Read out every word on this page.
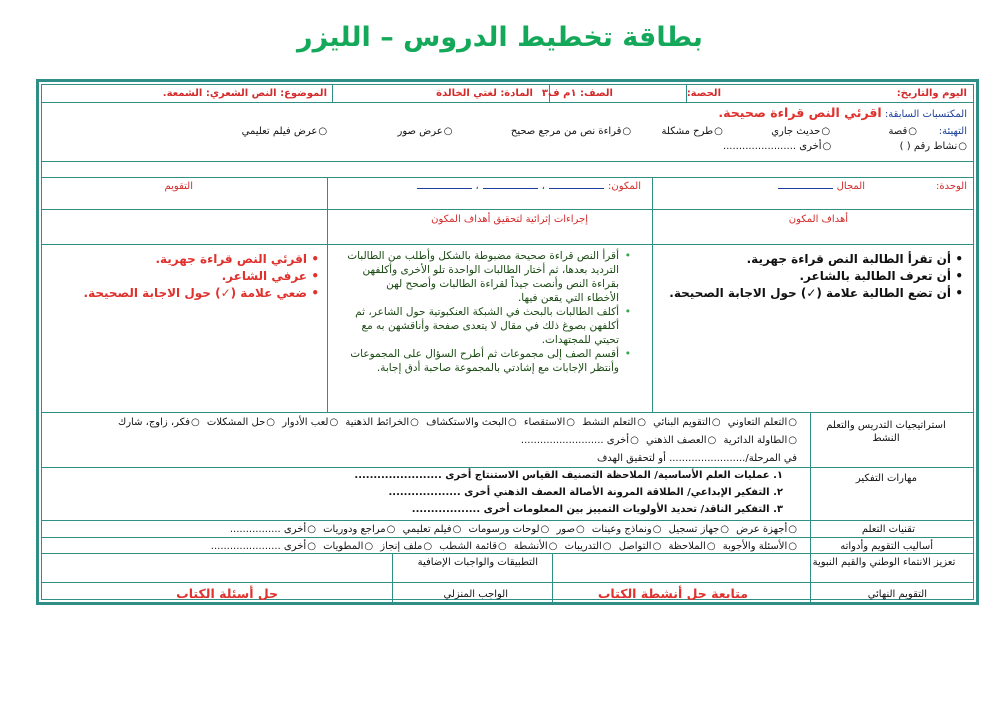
بطاقة تخطيط الدروس – الليزر
اليوم والتاريخ:
الحصة:
الصف: ١م ف٣
المادة: لغتي الخالدة
الموضوع: النص الشعري: الشمعة.
المكتسبات السابقة: اقرئي النص قراءة صحيحة.
التهيئة:
○قصة  ○حديث جاري  ○طرح مشكلة  ○قراءة نص من مرجع صحيح  ○عرض صور  ○عرض فيلم تعليمي
○نشاط رقم ( )  ○أخرى .......................
الوحدة:
المجال
المكون:،،
التقويم
أهداف المكون
إجراءات إثرائية لتحقيق أهداف المكون
• أن تقرأ الطالبة النص قراءة جهرية.
• أن تعرف الطالبة بالشاعر.
• أن تضع الطالبة علامة (✓) حول الاجابة الصحيحة.
• أقرأ النص قراءة صحيحة مضبوطة بالشكل وأطلب من الطالبات
الترديد بعدها، ثم أختار الطالبات الواحدة تلو الأخرى وأكلفهن
بقراءة النص وأنصت جيداً لقراءة الطالبات وأصحح لهن
الأخطاء التي يقعن فيها.
• أكلف الطالبات بالبحث في الشبكة العنكبوتية حول الشاعر، ثم
أكلفهن بصوغ ذلك في مقال لا يتعدى صفحة وأناقشهن به مع
تحيتي للمجتهدات.
• أقسم الصف إلى مجموعات ثم أطرح السؤال على المجموعات
وأنتظر الإجابات مع إشادتي بالمجموعة صاحبة أدق إجابة.
• اقرئي النص قراءة جهرية.
• عرفي الشاعر.
• ضعي علامة (✓) حول الاجابة الصحيحة.
استراتيجيات التدريس والتعلم
النشط
○التعلم التعاوني ○التقويم البنائي ○التعلم النشط ○الاستقصاء ○البحث والاستكشاف ○الخرائط الذهنية ○لعب الأدوار ○حل المشكلات ○فكر، زاوج، شارك
○الطاولة الدائرية ○العصف الذهني ○أخرى ..........................
في المرحلة/........................ أو لتحقيق الهدف
مهارات التفكير
١. عمليات العلم الأساسية/ الملاحظة التصنيف القياس الاستنتاج أخرى .......................
٢. التفكير الإبداعي/ الطلاقة المرونة الأصالة العصف الذهني أخرى ...................
٣. التفكير الناقد/ تحديد الأولويات التمييز بين المعلومات أخرى ..................
تقنيات التعلم
○أجهزة عرض ○جهاز تسجيل ○ونماذج وعينات ○صور ○لوحات ورسومات ○فيلم تعليمي ○مراجع ودوريات ○أخرى ................
أساليب التقويم وأدواته
○الأسئلة والأجوبة ○الملاحظة ○التواصل ○التدريبات ○الأنشطة ○قائمة الشطب ○ملف إنجاز ○المطويات ○أخرى ......................
تعزيز الانتماء الوطني والقيم النبوية
التطبيقات والواجبات الإضافية
التقويم النهائي
متابعة حل أنشطة الكتاب
الواجب المنزلي
حل أسئلة الكتاب
